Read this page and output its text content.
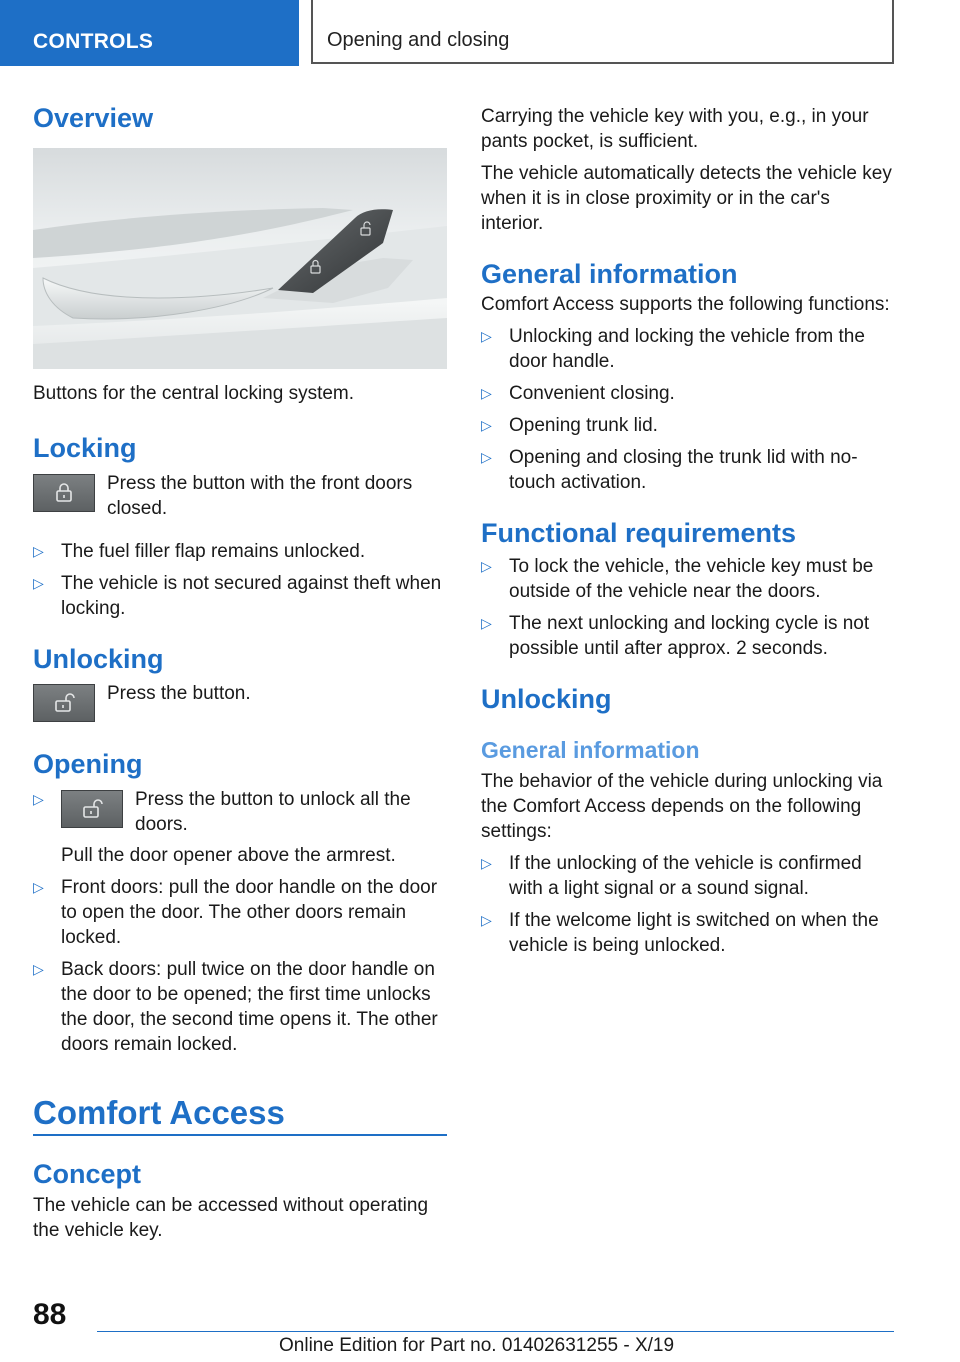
CONTROLS	Opening and closing
Overview

Buttons for the central locking system.

Locking

Press the button with the front doors closed.

▷ The fuel filler flap remains unlocked.
▷ The vehicle is not secured against theft when locking.
Unlocking

Press the button.

Opening
▷	Press the button to unlock all the doors.
Pull the door opener above the armrest.
▷ Front doors: pull the door handle on the door to open the door. The other doors remain locked.
▷ Back doors: pull twice on the door handle on the door to be opened; the first time unlocks the door, the second time opens it. The other doors remain locked.
Comfort Access
Concept

The vehicle can be accessed without operating the vehicle key.

Carrying the vehicle key with you, e.g., in your pants pocket, is sufficient.

The vehicle automatically detects the vehicle key when it is in close proximity or in the car's interior.

General information

Comfort Access supports the following functions:

▷ Unlocking and locking the vehicle from the door handle.
▷ Convenient closing.
▷ Opening trunk lid.
▷ Opening and closing the trunk lid with no-touch activation.
Functional requirements
▷ To lock the vehicle, the vehicle key must be outside of the vehicle near the doors.
▷ The next unlocking and locking cycle is not possible until after approx. 2 seconds.
Unlocking
General information

The behavior of the vehicle during unlocking via the Comfort Access depends on the following settings:

▷ If the unlocking of the vehicle is confirmed with a light signal or a sound signal.
▷ If the welcome light is switched on when the vehicle is being unlocked.
88
Online Edition for Part no. 01402631255 - X/19
